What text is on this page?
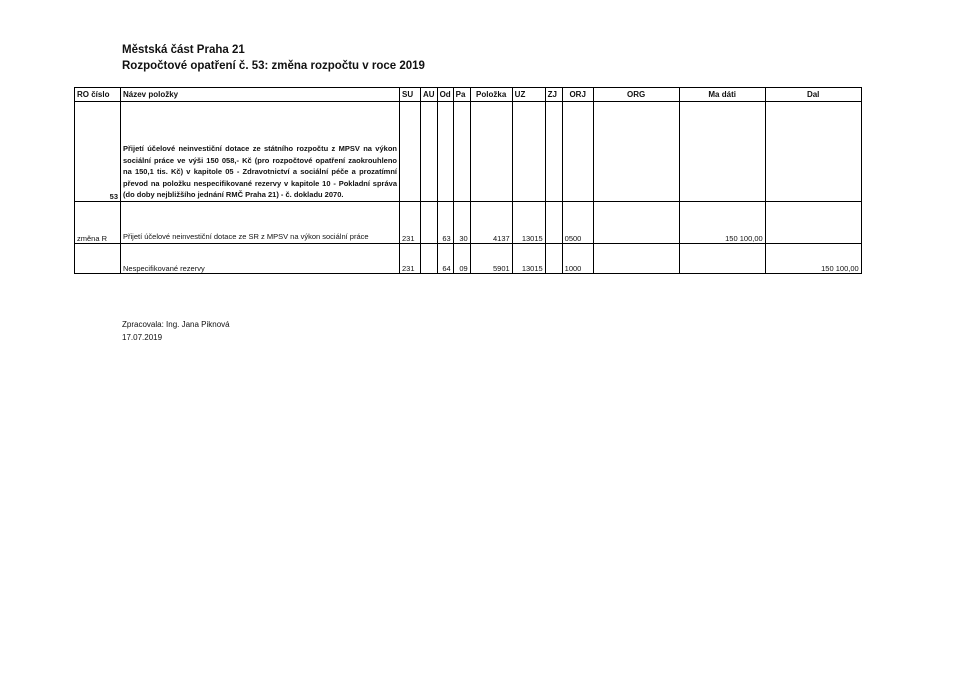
Městská část Praha 21
Rozpočtové opatření č. 53: změna rozpočtu v roce 2019
RO číslo	Název položky	SU	AU	Od	Pa	Položka	UZ	ZJ	ORJ	ORG	Ma dáti	Dal
53	Přijetí účelové neinvestiční dotace ze státního rozpočtu z MPSV na výkon sociální práce ve výši 150 058,- Kč (pro rozpočtové opatření zaokrouhleno na 150,1 tis. Kč) v kapitole 05 - Zdravotnictví a sociální péče a prozatímní převod na položku nespecifikované rezervy v kapitole 10 - Pokladní správa (do doby nejbližšího jednání RMČ Praha 21) - č. dokladu 2070.											
změna R	Přijetí účelové neinvestiční dotace ze SR z MPSV na výkon sociální práce	231		63	30	4137	13015		0500		150 100,00	
	Nespecifikované rezervy	231		64	09	5901	13015		1000			150 100,00
Zpracovala: Ing. Jana Piknová
17.07.2019
